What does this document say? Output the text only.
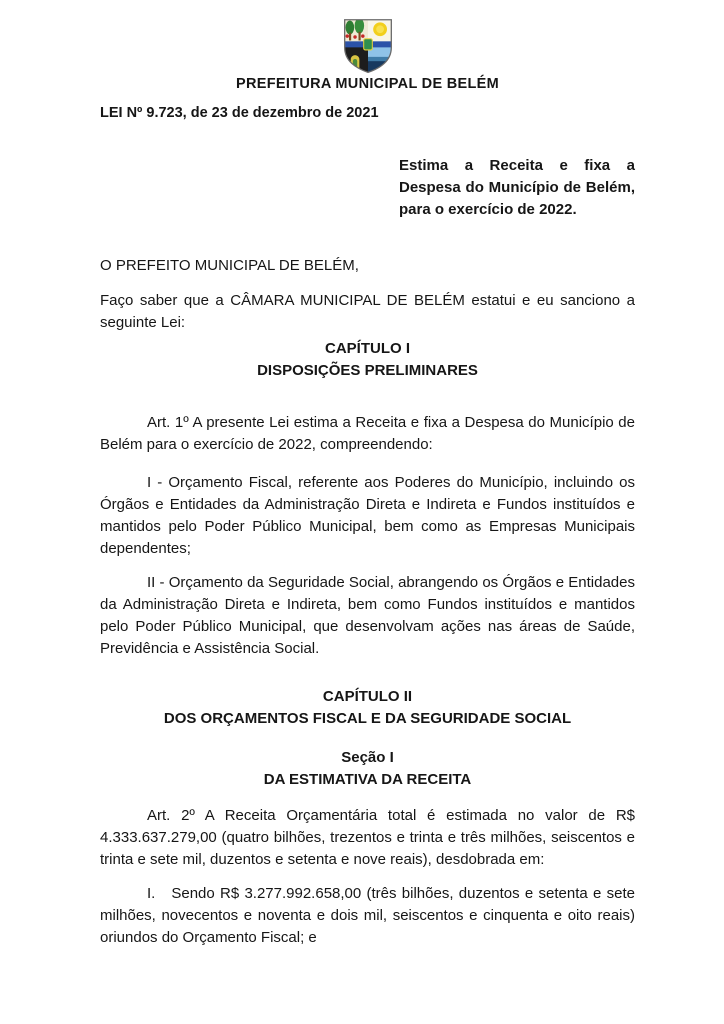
PREFEITURA MUNICIPAL DE BELÉM
LEI Nº 9.723, de 23 de dezembro de 2021
Estima a Receita e fixa a Despesa do Município de Belém, para o exercício de 2022.

O PREFEITO MUNICIPAL DE BELÉM,

Faço saber que a CÂMARA MUNICIPAL DE BELÉM estatui e eu sanciono a seguinte Lei:

CAPÍTULO I
DISPOSIÇÕES PRELIMINARES

Art. 1º A presente Lei estima a Receita e fixa a Despesa do Município de Belém para o exercício de 2022, compreendendo:

I - Orçamento Fiscal, referente aos Poderes do Município, incluindo os Órgãos e Entidades da Administração Direta e Indireta e Fundos instituídos e mantidos pelo Poder Público Municipal, bem como as Empresas Municipais dependentes;

II - Orçamento da Seguridade Social, abrangendo os Órgãos e Entidades da Administração Direta e Indireta, bem como Fundos instituídos e mantidos pelo Poder Público Municipal, que desenvolvam ações nas áreas de Saúde, Previdência e Assistência Social.

CAPÍTULO II
DOS ORÇAMENTOS FISCAL E DA SEGURIDADE SOCIAL
Seção I
DA ESTIMATIVA DA RECEITA

Art. 2º A Receita Orçamentária total é estimada no valor de R$ 4.333.637.279,00 (quatro bilhões, trezentos e trinta e três milhões, seiscentos e trinta e sete mil, duzentos e setenta e nove reais), desdobrada em:

I. Sendo R$ 3.277.992.658,00 (três bilhões, duzentos e setenta e sete milhões, novecentos e noventa e dois mil, seiscentos e cinquenta e oito reais) oriundos do Orçamento Fiscal; e
